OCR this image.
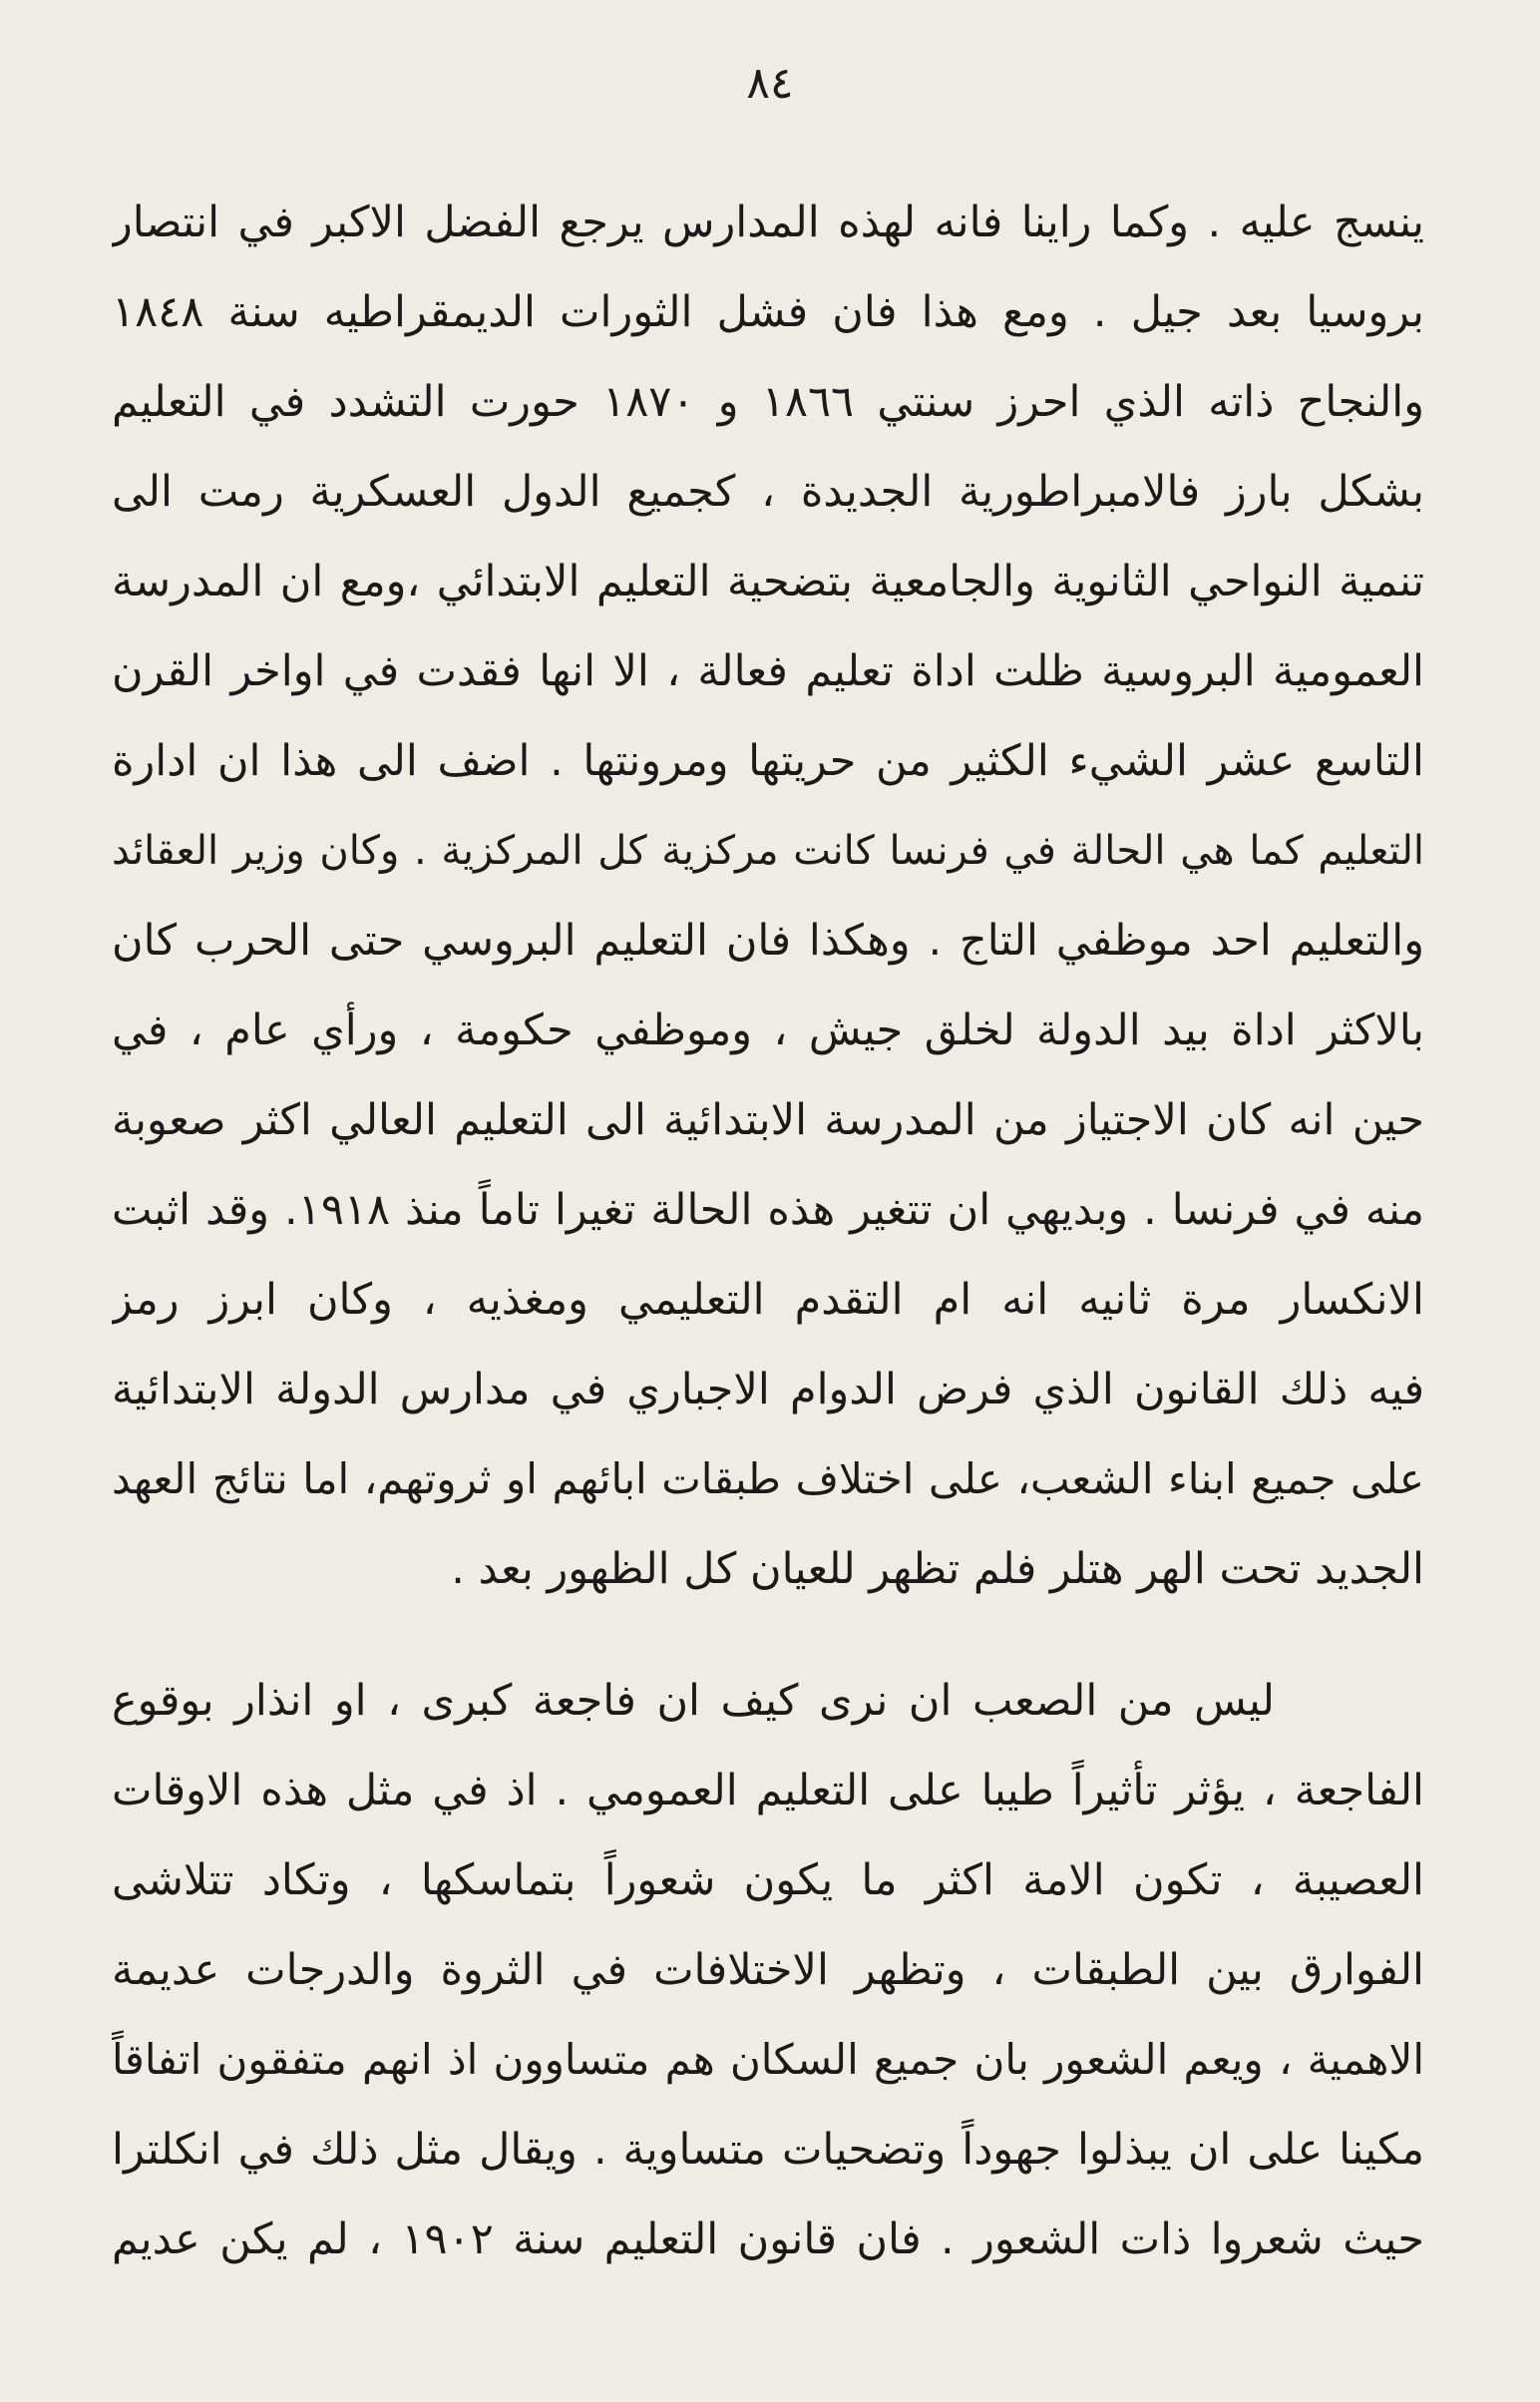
٨٤
ينسج عليه . وكما راينا فانه لهذه المدارس يرجع الفضل الاكبر في انتصار
بروسيا بعد جيل . ومع هذا فان فشل الثورات الديمقراطيه سنة ١٨٤٨
والنجاح ذاته الذي احرز سنتي ١٨٦٦ و ١٨٧٠ حورت التشدد في التعليم
بشكل بارز فالامبراطورية الجديدة ، كجميع الدول العسكرية رمت الى
تنمية النواحي الثانوية والجامعية بتضحية التعليم الابتدائي ،ومع ان المدرسة
العمومية البروسية ظلت اداة تعليم فعالة ، الا انها فقدت في اواخر القرن
التاسع عشر الشيء الكثير من حريتها ومرونتها . اضف الى هذا ان ادارة
التعليم كما هي الحالة في فرنسا كانت مركزية كل المركزية . وكان وزير العقائد
والتعليم احد موظفي التاج . وهكذا فان التعليم البروسي حتى الحرب كان
بالاكثر اداة بيد الدولة لخلق جيش ، وموظفي حكومة ، ورأي عام ، في
حين انه كان الاجتياز من المدرسة الابتدائية الى التعليم العالي اكثر صعوبة
منه في فرنسا . وبديهي ان تتغير هذه الحالة تغيرا تاماً منذ ١٩١٨. وقد اثبت
الانكسار مرة ثانيه انه ام التقدم التعليمي ومغذيه ، وكان ابرز رمز
فيه ذلك القانون الذي فرض الدوام الاجباري في مدارس الدولة الابتدائية
على جميع ابناء الشعب، على اختلاف طبقات ابائهم او ثروتهم، اما نتائج العهد
الجديد تحت الهر هتلر فلم تظهر للعيان كل الظهور بعد .
ليس من الصعب ان نرى كيف ان فاجعة كبرى ، او انذار بوقوع
الفاجعة ، يؤثر تأثيراً طيبا على التعليم العمومي . اذ في مثل هذه الاوقات
العصيبة ، تكون الامة اكثر ما يكون شعوراً بتماسكها ، وتكاد تتلاشى
الفوارق بين الطبقات ، وتظهر الاختلافات في الثروة والدرجات عديمة
الاهمية ، ويعم الشعور بان جميع السكان هم متساوون اذ انهم متفقون اتفاقاً
مكينا على ان يبذلوا جهوداً وتضحيات متساوية . ويقال مثل ذلك في انكلترا
حيث شعروا ذات الشعور . فان قانون التعليم سنة ١٩٠٢ ، لم يكن عديم
